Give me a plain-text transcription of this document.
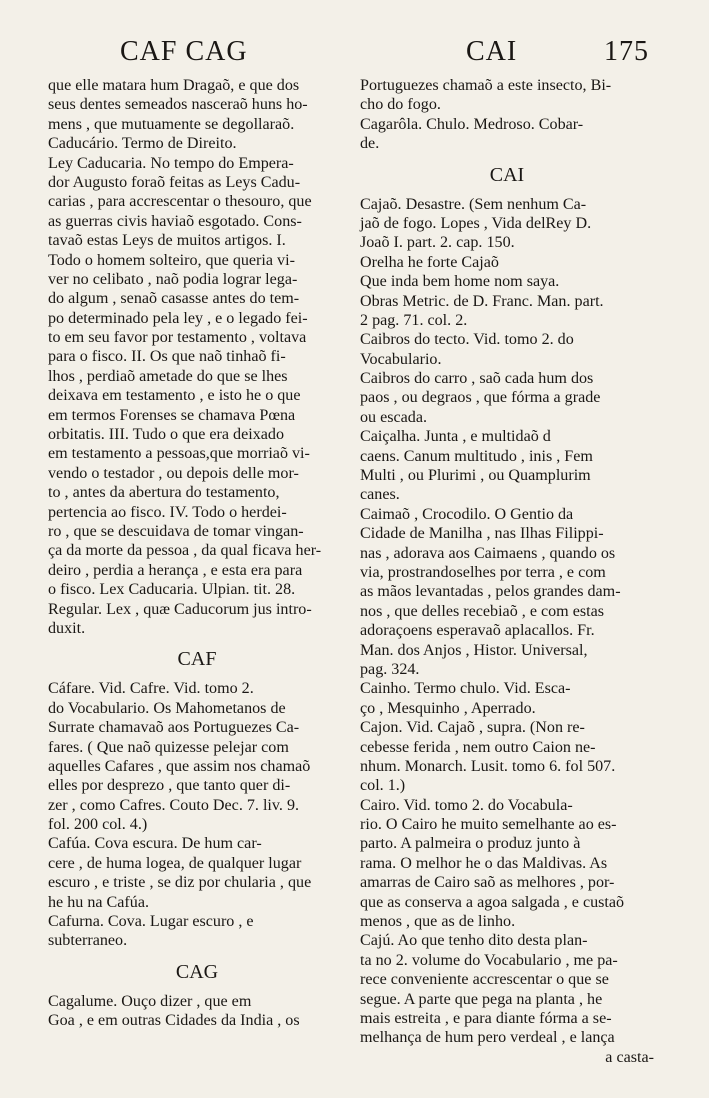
CAF CAG	CAI	175
que elle matara hum Dragaõ, e que dos
seus dentes semeados nasceraõ huns ho-
mens , que mutuamente se degollaraõ.
Caducário. Termo de Direito.
Ley Caducaria. No tempo do Empera-
dor Augusto foraõ feitas as Leys Cadu-
carias , para accrescentar o thesouro, que
as guerras civis haviaõ esgotado. Cons-
tavaõ estas Leys de muitos artigos. I.
Todo o homem solteiro, que queria vi-
ver no celibato , naõ podia lograr lega-
do algum , senaõ casasse antes do tem-
po determinado pela ley , e o legado fei-
to em seu favor por testamento , voltava
para o fisco. II. Os que naõ tinhaõ fi-
lhos , perdiaõ ametade do que se lhes
deixava em testamento , e isto he o que
em termos Forenses se chamava Pœna
orbitatis. III. Tudo o que era deixado
em testamento a pessoas,que morriaõ vi-
vendo o testador , ou depois delle mor-
to , antes da abertura do testamento,
pertencia ao fisco. IV. Todo o herdei-
ro , que se descuidava de tomar vingan-
ça da morte da pessoa , da qual ficava her-
deiro , perdia a herança , e esta era para
o fisco. Lex Caducaria. Ulpian. tit. 28.
Regular. Lex , quæ Caducorum jus intro-
duxit.
CAF
Cáfare. Vid. Cafre. Vid. tomo 2.
do Vocabulario. Os Mahometanos de
Surrate chamavaõ aos Portuguezes Ca-
fares. ( Que naõ quizesse pelejar com
aquelles Cafares , que assim nos chamaõ
elles por desprezo , que tanto quer di-
zer , como Cafres. Couto Dec. 7. liv. 9.
fol. 200 col. 4.)
Cafúa. Cova escura. De hum car-
cere , de huma logea, de qualquer lugar
escuro , e triste , se diz por chularia , que
he hu na Cafúa.
Cafurna. Cova. Lugar escuro , e
subterraneo.
CAG
Cagalume. Ouço dizer , que em
Goa , e em outras Cidades da India , os
Portuguezes chamaõ a este insecto, Bi-
cho do fogo.
Cagarôla. Chulo. Medroso. Cobar-
de.
CAI
Cajaõ. Desastre. (Sem nenhum Ca-
jaõ de fogo. Lopes , Vida delRey D.
Joaõ I. part. 2. cap. 150.
Orelha he forte Cajaõ
Que inda bem home nom saya.
Obras Metric. de D. Franc. Man. part.
2 pag. 71. col. 2.
Caibros do tecto. Vid. tomo 2. do
Vocabulario.
Caibros do carro , saõ cada hum dos
paos , ou degraos , que fórma a grade
ou escada.
Caiçalha. Junta , e multidaõ d
caens. Canum multitudo , inis , Fem
Multi , ou Plurimi , ou Quamplurim
canes.
Caimaõ , Crocodilo. O Gentio da
Cidade de Manilha , nas Ilhas Filippi-
nas , adorava aos Caimaens , quando os
via, prostrandoselhes por terra , e com
as mãos levantadas , pelos grandes dam-
nos , que delles recebiaõ , e com estas
adoraçoens esperavaõ aplacallos. Fr.
Man. dos Anjos , Histor. Universal,
pag. 324.
Cainho. Termo chulo. Vid. Esca-
ço , Mesquinho , Aperrado.
Cajon. Vid. Cajaõ , supra. (Non re-
cebesse ferida , nem outro Caion ne-
nhum. Monarch. Lusit. tomo 6. fol 507.
col. 1.)
Cairo. Vid. tomo 2. do Vocabula-
rio. O Cairo he muito semelhante ao es-
parto. A palmeira o produz junto à
rama. O melhor he o das Maldivas. As
amarras de Cairo saõ as melhores , por-
que as conserva a agoa salgada , e custaõ
menos , que as de linho.
Cajú. Ao que tenho dito desta plan-
ta no 2. volume do Vocabulario , me pa-
rece conveniente accrescentar o que se
segue. A parte que pega na planta , he
mais estreita , e para diante fórma a se-
melhança de hum pero verdeal , e lança
a casta-
